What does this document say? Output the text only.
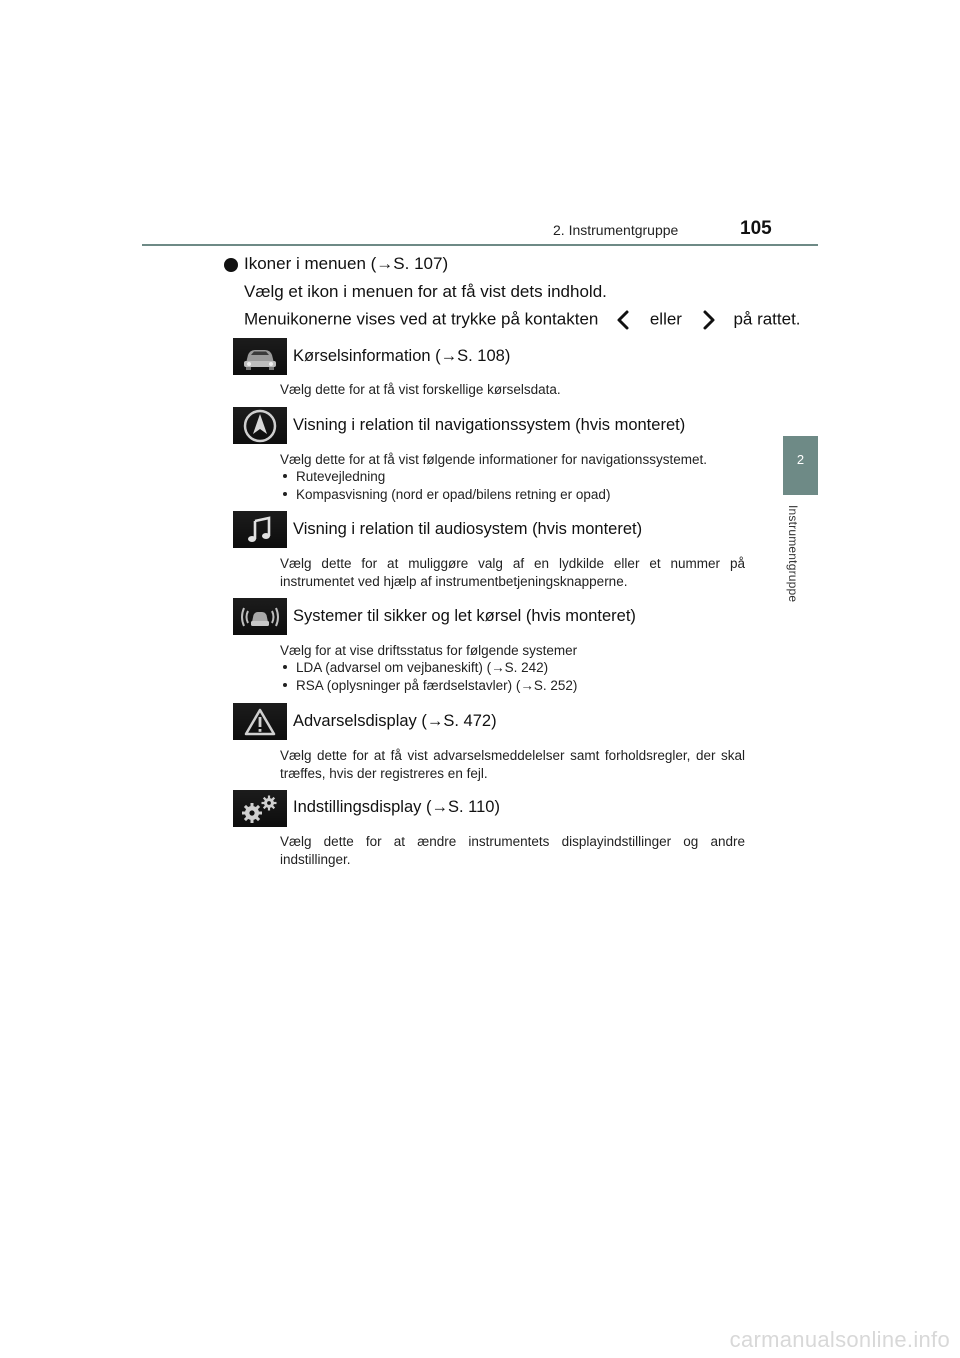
2. Instrumentgruppe	105
2
Instrumentgruppe
Ikoner i menuen (→S. 107)
Vælg et ikon i menuen for at få vist dets indhold.
Menuikonerne vises ved at trykke på kontakten	eller	på rattet.
Kørselsinformation (→S. 108)
Vælg dette for at få vist forskellige kørselsdata.
Visning i relation til navigationssystem (hvis monteret)
Vælg dette for at få vist følgende informationer for navigationssystemet.
Rutevejledning
Kompasvisning (nord er opad/bilens retning er opad)
Visning i relation til audiosystem (hvis monteret)
Vælg dette for at muliggøre valg af en lydkilde eller et nummer på instrumentet ved hjælp af instrumentbetjeningsknapperne.
Systemer til sikker og let kørsel (hvis monteret)
Vælg for at vise driftsstatus for følgende systemer
LDA (advarsel om vejbaneskift) (→S. 242)
RSA (oplysninger på færdselstavler) (→S. 252)
Advarselsdisplay (→S. 472)
Vælg dette for at få vist advarselsmeddelelser samt forholdsregler, der skal træffes, hvis der registreres en fejl.
Indstillingsdisplay (→S. 110)
Vælg dette for at ændre instrumentets displayindstillinger og andre indstillinger.
carmanualsonline.info
